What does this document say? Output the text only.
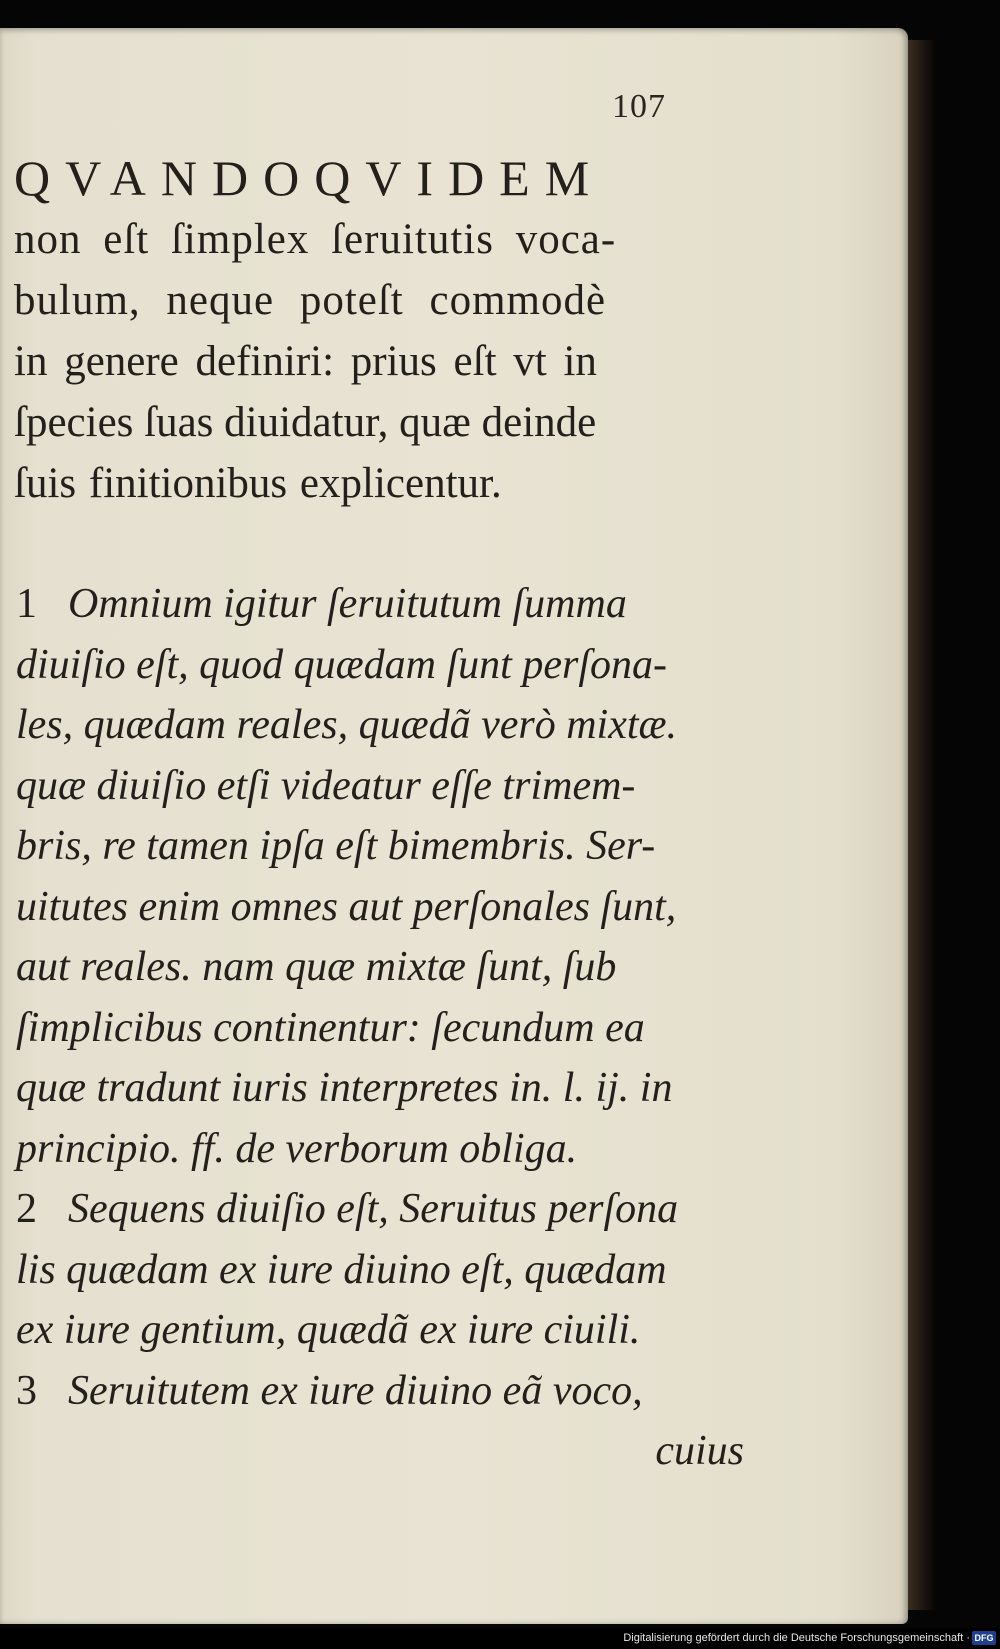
107
QVANDOQVIDEM
non eſt ſimplex ſeruitutis voca-
bulum, neque poteſt commodè
in genere definiri: prius eſt vt in
ſpecies ſuas diuidatur, quæ deinde
ſuis finitionibus explicentur.
1 Omnium igitur ſeruitutum ſumma
diuiſio eſt, quod quædam ſunt perſona-
les, quædam reales, quædã verò mixtæ.
quæ diuiſio etſi videatur eſſe trimem-
bris, re tamen ipſa eſt bimembris. Ser-
uitutes enim omnes aut perſonales ſunt,
aut reales. nam quæ mixtæ ſunt, ſub
ſimplicibus continentur: ſecundum ea
quæ tradunt iuris interpretes in. l. ij. in
principio. ff. de verborum obliga.
2 Sequens diuiſio eſt, Seruitus perſona
lis quædam ex iure diuino eſt, quædam
ex iure gentium, quædã ex iure ciuili.
3 Seruitutem ex iure diuino eã voco,
cuius
Digitalisierung gefördert durch die Deutsche Forschungsgemeinschaft · DFG
